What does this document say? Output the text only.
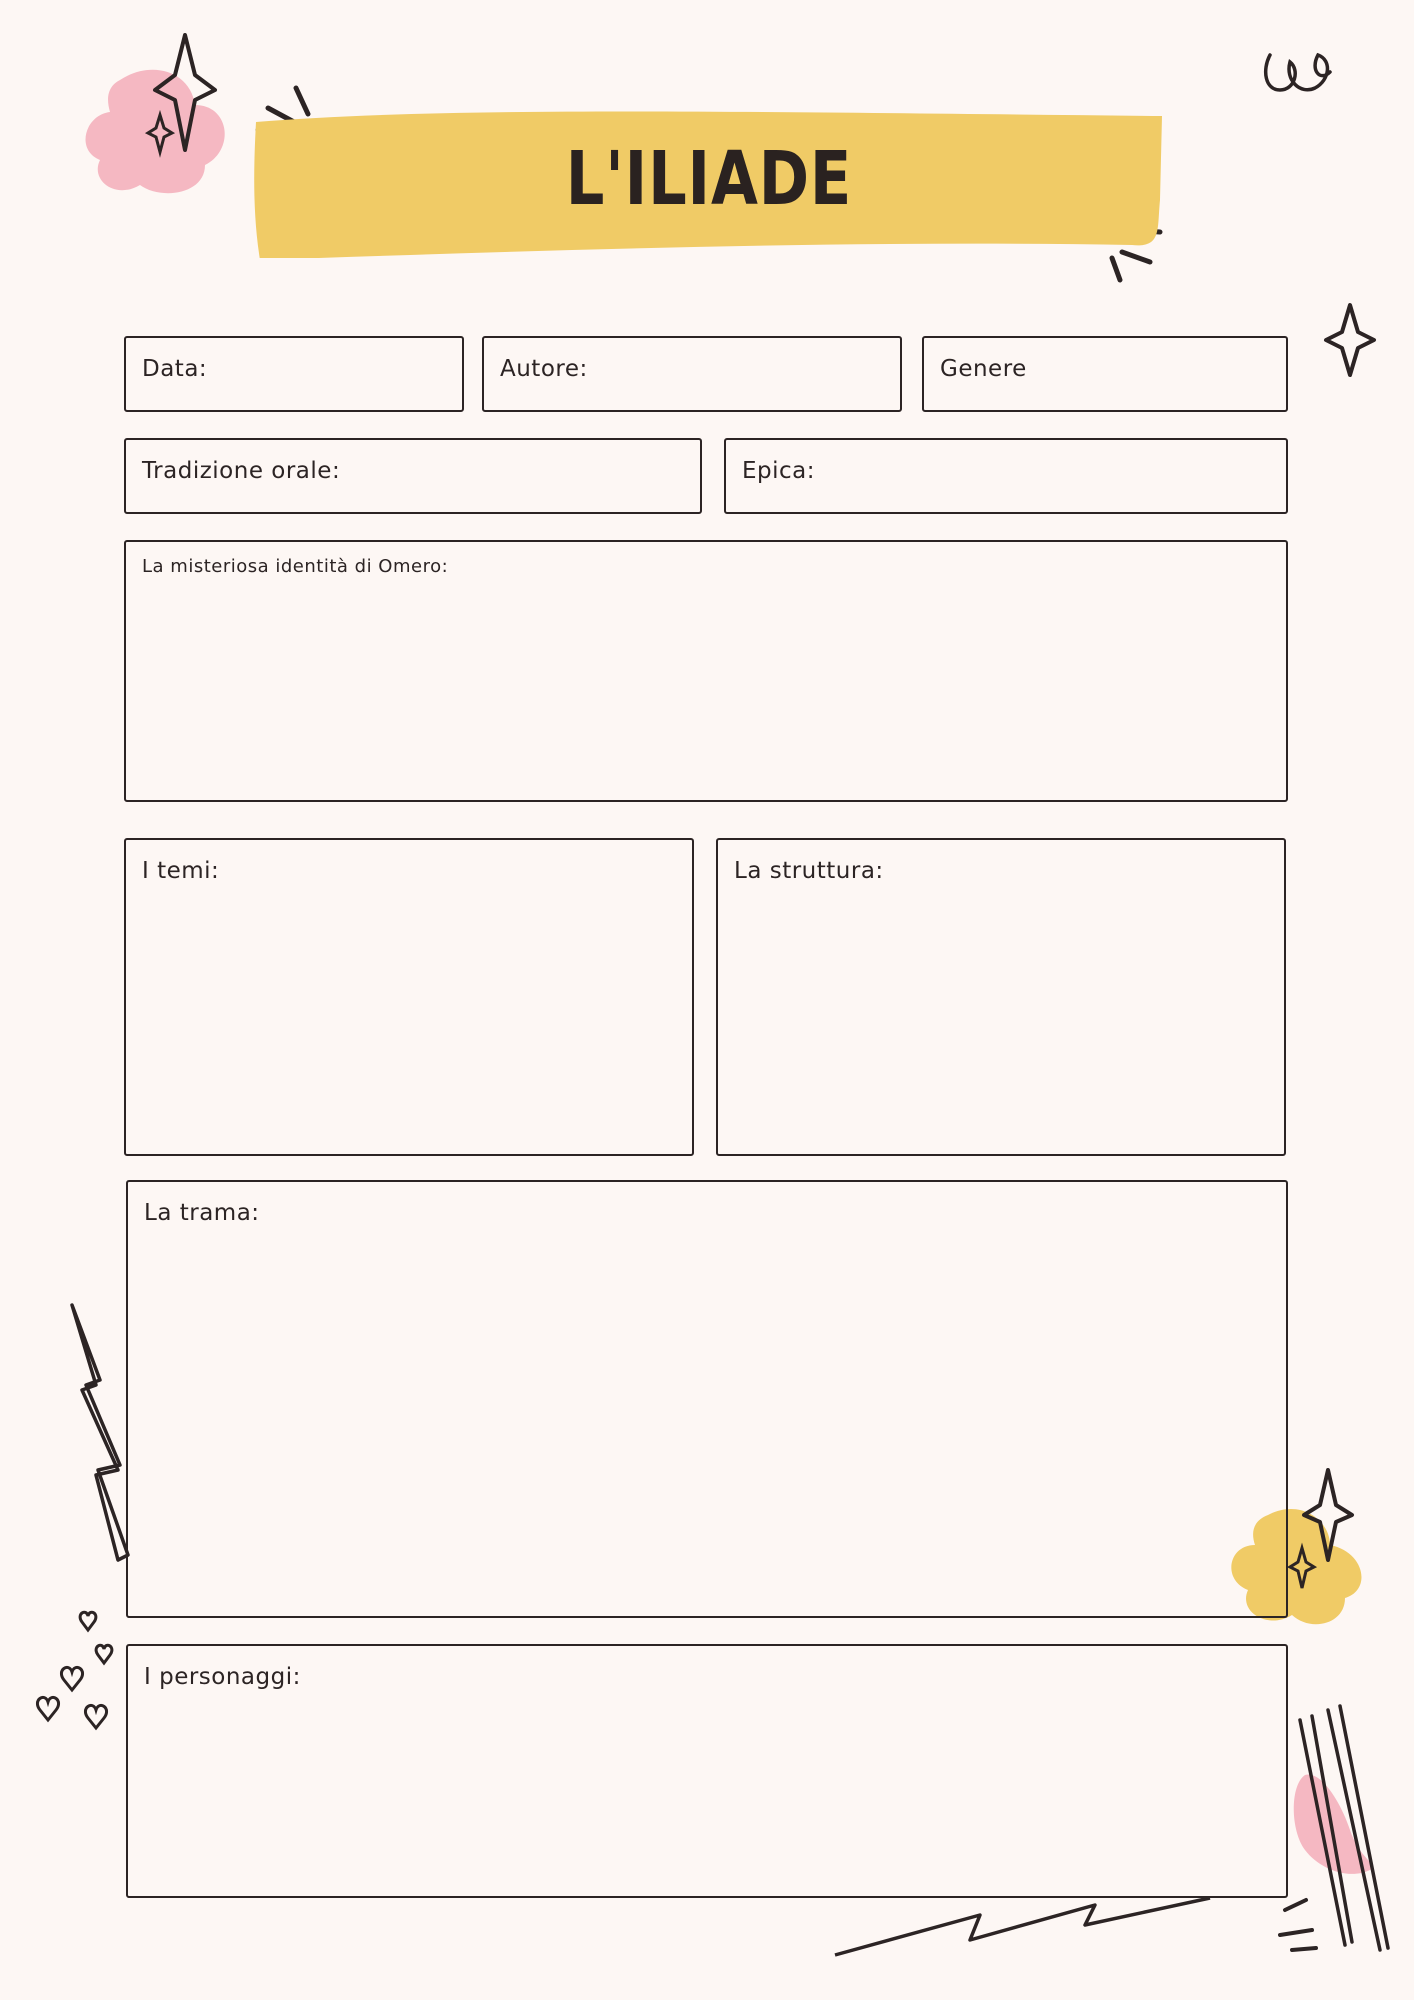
L'ILIADE
Data:	Autore:	Genere
Tradizione orale:	Epica:
La misteriosa identità di Omero:
I temi:	La struttura:
La trama:
I personaggi:
